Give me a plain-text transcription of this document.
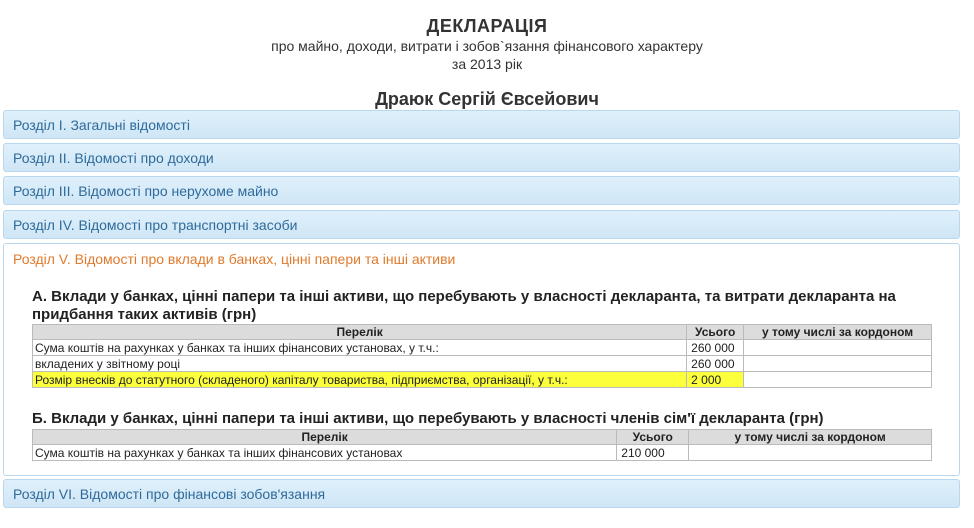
ДЕКЛАРАЦІЯ
про майно, доходи, витрати і зобов`язання фінансового характеру
за 2013 рік
Драюк Сергій Євсейович
Розділ І. Загальні відомості
Розділ ІІ. Відомості про доходи
Розділ ІІІ. Відомості про нерухоме майно
Розділ IV. Відомості про транспортні засоби
Розділ V. Відомості про вклади в банках, цінні папери та інші активи
А. Вклади у банках, цінні папери та інші активи, що перебувають у власності декларанта, та витрати декларанта на придбання таких активів (грн)
Перелік	Усього	у тому числі за кордоном
Сума коштів на рахунках у банках та інших фінансових установах, у т.ч.:	260 000	
вкладених у звітному році	260 000	
Розмір внесків до статутного (складеного) капіталу товариства, підприємства, організації, у т.ч.:	2 000	
Б. Вклади у банках, цінні папери та інші активи, що перебувають у власності членів сім'ї декларанта (грн)
Перелік	Усього	у тому числі за кордоном
Сума коштів на рахунках у банках та інших фінансових установах	210 000	
Розділ VI. Відомості про фінансові зобов'язання
